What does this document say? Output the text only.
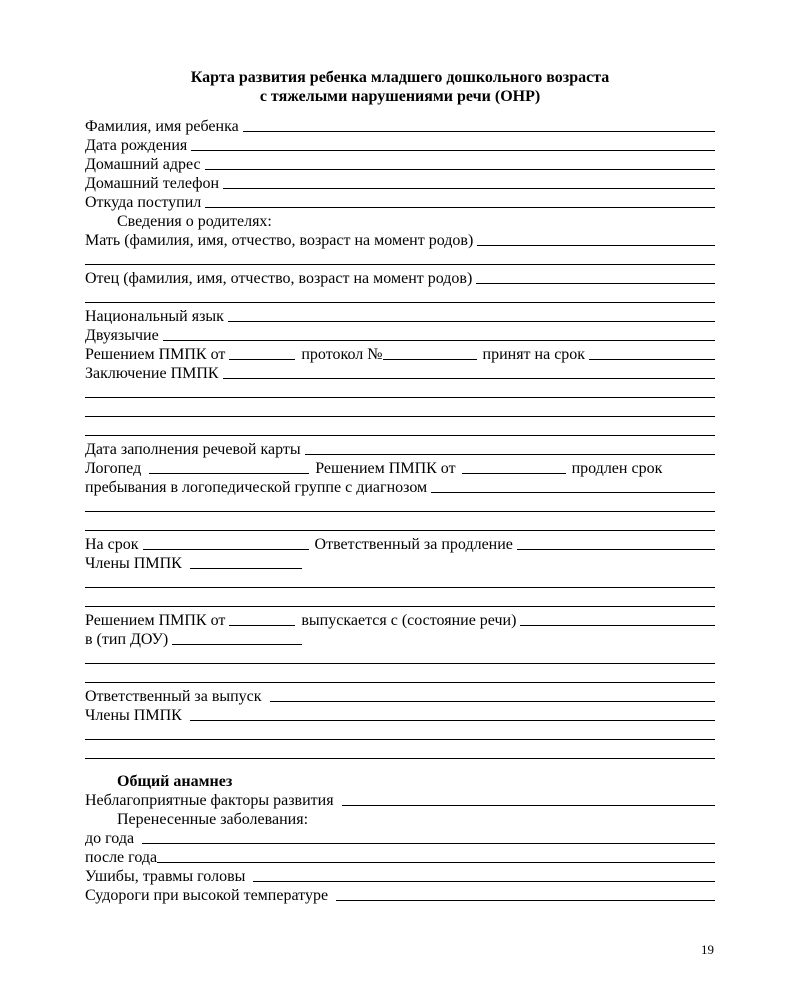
Карта развития ребенка младшего дошкольного возраста
с тяжелыми нарушениями речи (ОНР)
Фамилия, имя ребенка
Дата рождения
Домашний адрес
Домашний телефон
Откуда поступил
Сведения о родителях:
Мать (фамилия, имя, отчество, возраст на момент родов)
Отец (фамилия, имя, отчество, возраст на момент родов)
Национальный язык
Двуязычие
Решением ПМПК от	протокол №	принят на срок
Заключение ПМПК
Дата заполнения речевой карты
Логопед	Решением ПМПК от	продлен срок
пребывания в логопедической группе с диагнозом
На срок	Ответственный за продление
Члены ПМПК
Решением ПМПК от	выпускается с (состояние речи)
в (тип ДОУ)
Ответственный за выпуск
Члены ПМПК
Общий анамнез
Неблагоприятные факторы развития
Перенесенные заболевания:
до года
после года
Ушибы, травмы головы
Судороги при высокой температуре
19
